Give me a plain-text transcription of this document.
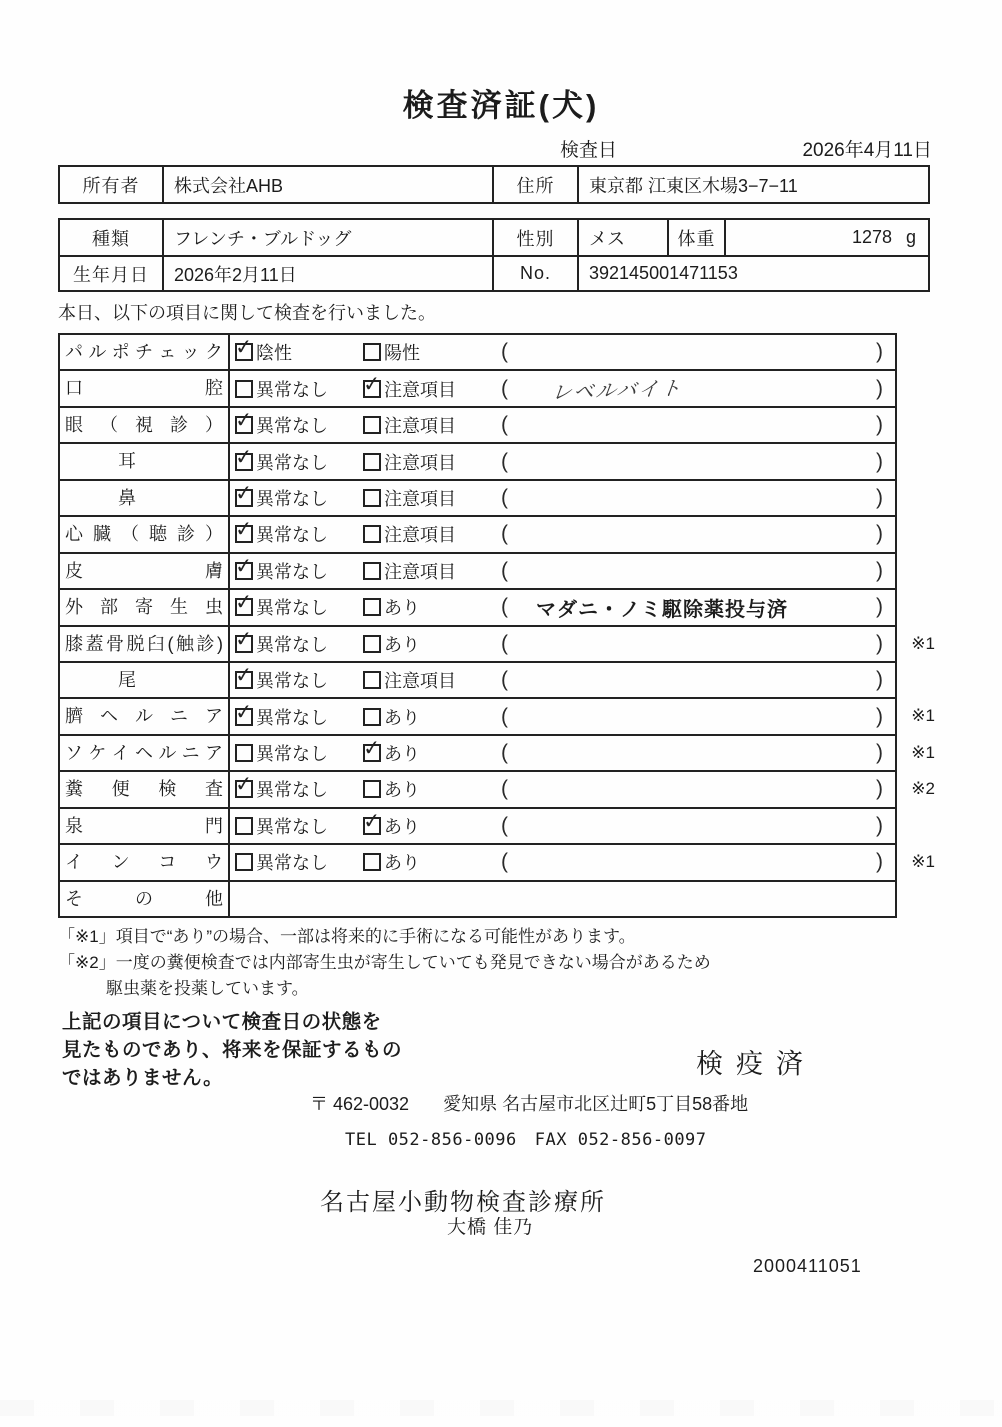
検査済証(犬)
検査日	2026年4月11日
所有者	株式会社AHB	住所	東京都 江東区木場3−7−11
種類	フレンチ・ブルドッグ	性別	メス	体重	1278 g
生年月日	2026年2月11日	No.	392145001471153
本日、以下の項目に関して検査を行いました。
パ ル ポ チ ェ ッ ク ✓	陰性	陽性	(	)
口 腔	異常なし ✓	注意項目 ( レベルバイト	)
眼 （ 視 診 ） ✓	異常なし	注意項目 (	)
耳 ✓	異常なし	注意項目 (	)
鼻 ✓	異常なし	注意項目 (	)
心 臓 （ 聴 診 ） ✓	異常なし	注意項目 (	)
皮 膚 ✓	異常なし	注意項目 (	)
外 部 寄 生 虫 ✓	異常なし	あり	( マダニ・ノミ駆除薬投与済	)
膝蓋骨脱臼(触診) ✓	異常なし	あり	(	) ※1
尾 ✓	異常なし	注意項目 (	)
臍 ヘ ル ニ ア ✓	異常なし	あり	(	) ※1
ソ ケ イ ヘ ル ニ ア	異常なし ✓	あり	(	) ※1
糞 便 検 査 ✓	異常なし	あり	(	) ※2
泉 門	異常なし ✓	あり	(	)
イ ン コ ウ	異常なし	あり	(	) ※1
そ の 他
「※1」項目で“あり”の場合、一部は将来的に手術になる可能性があります。
「※2」一度の糞便検査では内部寄生虫が寄生していても発見できない場合があるため
駆虫薬を投薬しています。
上記の項目について検査日の状態を
見たものであり、将来を保証するもの
ではありません。	検疫済
〒 462-0032 愛知県 名古屋市北区辻町5丁目58番地
TEL 052-856-0096 FAX 052-856-0097
名古屋小動物検査診療所
大橋 佳乃
2000411051
